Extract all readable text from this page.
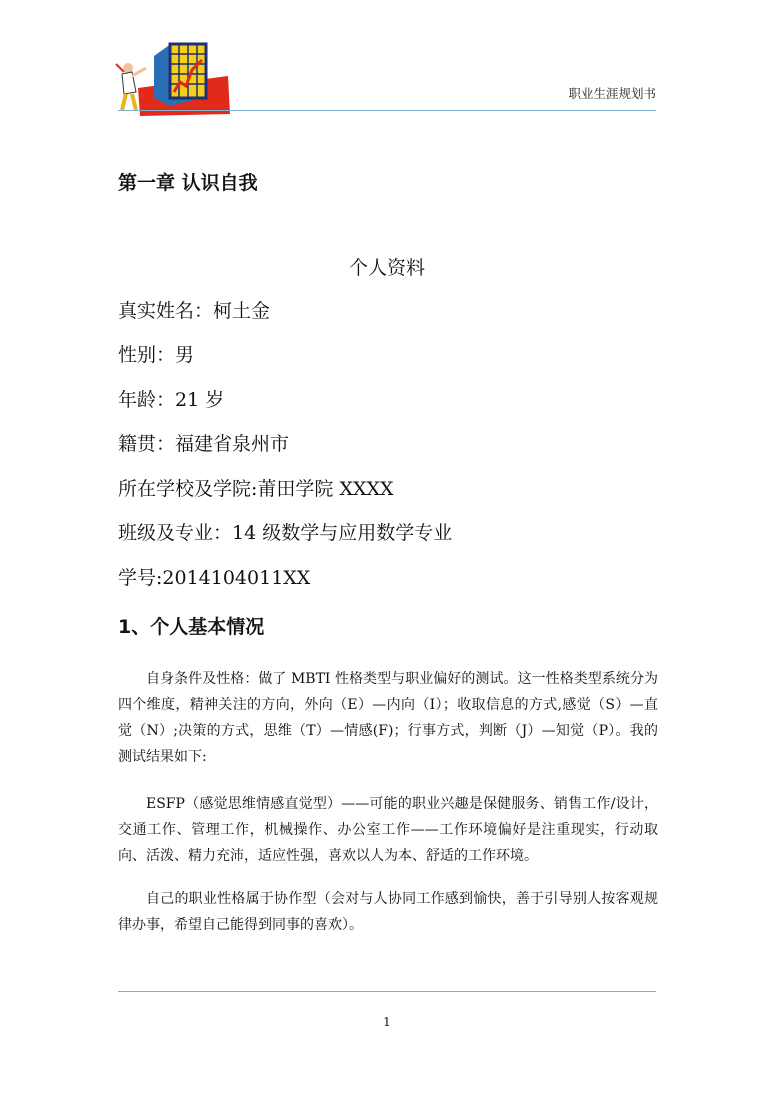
职业生涯规划书
第一章 认识自我
个人资料
真实姓名：柯土金
性别：男
年龄：21 岁
籍贯：福建省泉州市
所在学校及学院:莆田学院 XXXX
班级及专业：14 级数学与应用数学专业
学号:2014104011XX
1、个人基本情况

自身条件及性格：做了 MBTI 性格类型与职业偏好的测试。这一性格类型系统分为四个维度，精神关注的方向，外向（E）—内向（I）；收取信息的方式,感觉（S）—直觉（N）;决策的方式，思维（T）—情感(F)；行事方式，判断（J）—知觉（P）。我的测试结果如下:

ESFP（感觉思维情感直觉型）——可能的职业兴趣是保健服务、销售工作/设计，交通工作、管理工作，机械操作、办公室工作——工作环境偏好是注重现实，行动取向、活泼、精力充沛，适应性强，喜欢以人为本、舒适的工作环境。

自己的职业性格属于协作型（会对与人协同工作感到愉快，善于引导别人按客观规律办事，希望自己能得到同事的喜欢）。

1
